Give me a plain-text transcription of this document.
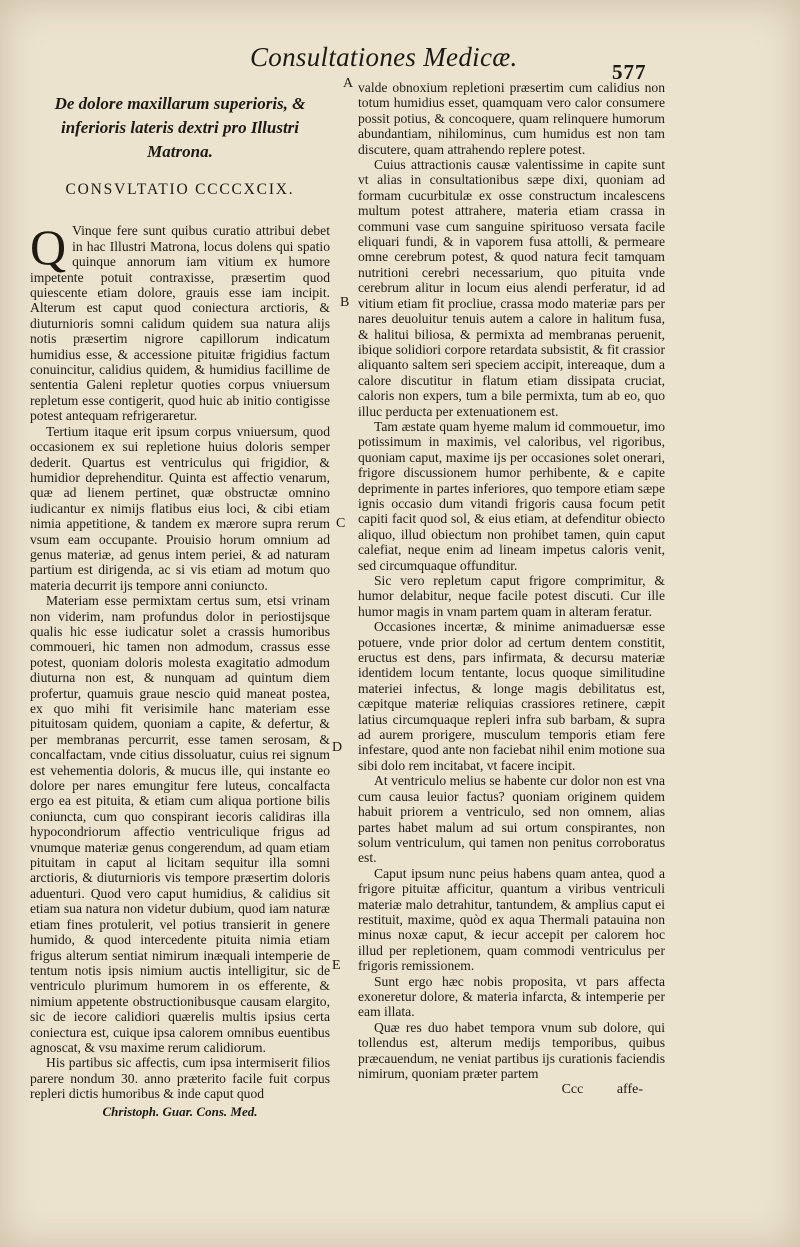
Consultationes Medicæ.	577
A
B
C
D
E
De dolore maxillarum superioris, & inferioris lateris dextri pro Illustri Matrona.
CONSVLTATIO CCCCXCIX.

Q Vinque fere sunt quibus curatio attribui debet in hac Illustri Matrona, locus dolens qui spatio quinque annorum iam vitium ex humore impetente potuit contraxisse, præsertim quod quiescente etiam dolore, grauis esse iam incipit. Alterum est caput quod coniectura arctioris, & diuturnioris somni calidum quidem sua natura alijs notis præsertim nigrore capillorum indicatum humidius esse, & accessione pituitæ frigidius factum conuincitur, calidius quidem, & humidius facillime de sententia Galeni repletur quoties corpus vniuersum repletum esse contigerit, quod huic ab initio contigisse potest antequam refrigeraretur.

Tertium itaque erit ipsum corpus vniuersum, quod occasionem ex sui repletione huius doloris semper dederit. Quartus est ventriculus qui frigidior, & humidior deprehenditur. Quinta est affectio venarum, quæ ad lienem pertinet, quæ obstructæ omnino iudicantur ex nimijs flatibus eius loci, & cibi etiam nimia appetitione, & tandem ex mærore supra rerum vsum eam occupante. Prouisio horum omnium ad genus materiæ, ad genus intem periei, & ad naturam partium est dirigenda, ac si vis etiam ad motum quo materia decurrit ijs tempore anni coniuncto.

Materiam esse permixtam certus sum, etsi vrinam non viderim, nam profundus dolor in periostijsque qualis hic esse iudicatur solet a crassis humoribus commoueri, hic tamen non admodum, crassus esse potest, quoniam doloris molesta exagitatio admodum diuturna non est, & nunquam ad quintum diem profertur, quamuis graue nescio quid maneat postea, ex quo mihi fit verisimile hanc materiam esse pituitosam quidem, quoniam a capite, & defertur, & per membranas percurrit, esse tamen serosam, & concalfactam, vnde citius dissoluatur, cuius rei signum est vehementia doloris, & mucus ille, qui instante eo dolore per nares emungitur fere luteus, concalfacta ergo ea est pituita, & etiam cum aliqua portione bilis coniuncta, cum quo conspirant iecoris calidiras illa hypocondriorum affectio ventriculique frigus ad vnumque materiæ genus congerendum, ad quam etiam pituitam in caput al licitam sequitur illa somni arctioris, & diuturnioris vis tempore præsertim doloris aduenturi. Quod vero caput humidius, & calidius sit etiam sua natura non videtur dubium, quod iam naturæ etiam fines protulerit, vel potius transierit in genere humido, & quod intercedente pituita nimia etiam frigus alterum sentiat nimirum inæquali intemperie de tentum notis ipsis nimium auctis intelligitur, sic de ventriculo plurimum humorem in os efferente, & nimium appetente obstructionibusque causam elargito, sic de iecore calidiori quærelis multis ipsius certa coniectura est, cuique ipsa calorem omnibus euentibus agnoscat, & vsu maxime rerum calidiorum.

His partibus sic affectis, cum ipsa intermiserit filios parere nondum 30. anno præterito facile fuit corpus repleri dictis humoribus & inde caput quod

Christoph. Guar. Cons. Med.

valde obnoxium repletioni præsertim cum calidius non totum humidius esset, quamquam vero calor consumere possit potius, & concoquere, quam relinquere humorum abundantiam, nihilominus, cum humidus est non tam discutere, quam attrahendo replere potest.

Cuius attractionis causæ valentissime in capite sunt vt alias in consultationibus sæpe dixi, quoniam ad formam cucurbitulæ ex osse constructum incalescens multum potest attrahere, materia etiam crassa in communi vase cum sanguine spirituoso versata facile eliquari fundi, & in vaporem fusa attolli, & permeare omne cerebrum potest, & quod natura fecit tamquam nutritioni cerebri necessarium, quo pituita vnde cerebrum alitur in locum eius alendi perferatur, id ad vitium etiam fit procliue, crassa modo materiæ pars per nares deuoluitur tenuis autem a calore in halitum fusa, & halitui biliosa, & permixta ad membranas peruenit, ibique solidiori corpore retardata subsistit, & fit crassior aliquanto saltem seri speciem accipit, intereaque, dum a calore discutitur in flatum etiam dissipata cruciat, caloris non expers, tum a bile permixta, tum ab eo, quo illuc perducta per extenuationem est.

Tam æstate quam hyeme malum id commouetur, imo potissimum in maximis, vel caloribus, vel rigoribus, quoniam caput, maxime ijs per occasiones solet onerari, frigore discussionem humor perhibente, & e capite deprimente in partes inferiores, quo tempore etiam sæpe ignis occasio dum vitandi frigoris causa focum petit capiti facit quod sol, & eius etiam, at defenditur obiecto aliquo, illud obiectum non prohibet tamen, quin caput calefiat, neque enim ad lineam impetus caloris venit, sed circumquaque offunditur.

Sic vero repletum caput frigore comprimitur, & humor delabitur, neque facile potest discuti. Cur ille humor magis in vnam partem quam in alteram feratur.

Occasiones incertæ, & minime animaduersæ esse potuere, vnde prior dolor ad certum dentem constitit, eructus est dens, pars infirmata, & decursu materiæ identidem locum tentante, locus quoque similitudine materiei infectus, & longe magis debilitatus est, cæpitque materiæ reliquias crassiores retinere, cæpit latius circumquaque repleri infra sub barbam, & supra ad aurem prorigere, musculum temporis etiam fere infestare, quod ante non faciebat nihil enim motione sua sibi dolo rem incitabat, vt facere incipit.

At ventriculo melius se habente cur dolor non est vna cum causa leuior factus? quoniam originem quidem habuit priorem a ventriculo, sed non omnem, alias partes habet malum ad sui ortum conspirantes, non solum ventriculum, qui tamen non penitus corroboratus est.

Caput ipsum nunc peius habens quam antea, quod a frigore pituitæ afficitur, quantum a viribus ventriculi materiæ malo detrahitur, tantundem, & amplius caput ei restituit, maxime, quòd ex aqua Thermali patauina non minus noxæ caput, & iecur accepit per calorem hoc illud per repletionem, quam commodi ventriculus per frigoris remissionem.

Sunt ergo hæc nobis proposita, vt pars affecta exoneretur dolore, & materia infarcta, & intemperie per eam illata.

Quæ res duo habet tempora vnum sub dolore, qui tollendus est, alterum medijs temporibus, quibus præcauendum, ne veniat partibus ijs curationis faciendis nimirum, quoniam præter partem

Ccc affe-
